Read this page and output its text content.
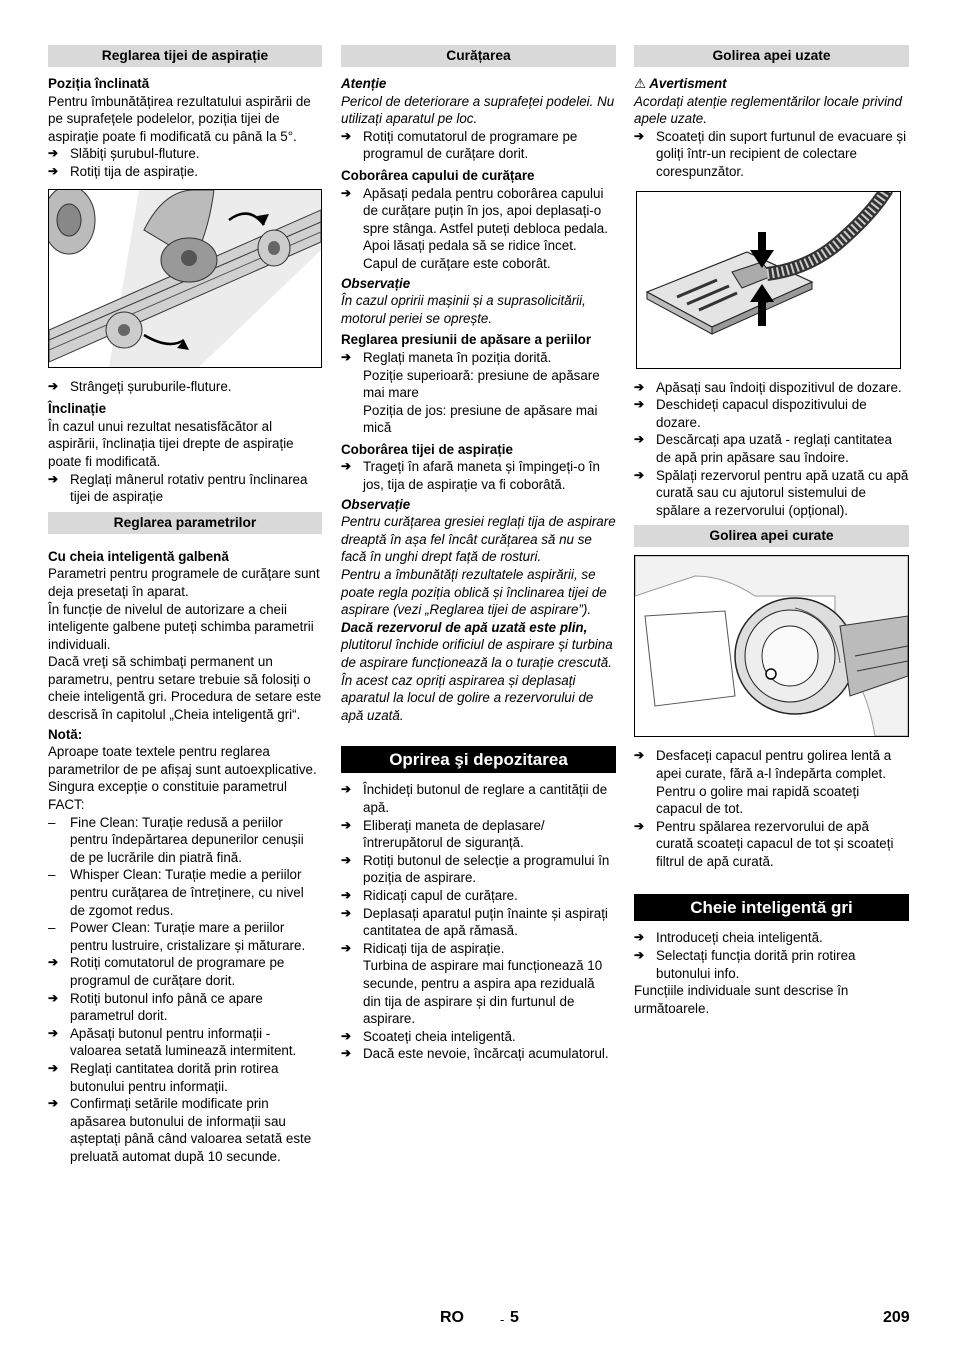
Reglarea tijei de aspirație

Poziția înclinată

Pentru îmbunătățirea rezultatului aspirării de pe suprafețele podelelor, poziția tijei de aspirație poate fi modificată cu până la 5°.

➔ Slăbiți șurubul-fluture.

➔ Rotiți tija de aspirație.

➔ Strângeți șuruburile-fluture.

Înclinație

În cazul unui rezultat nesatisfăcător al aspirării, înclinația tijei drepte de aspirație poate fi modificată.

➔ Reglați mânerul rotativ pentru înclinarea tijei de aspirație

Reglarea parametrilor

Cu cheia inteligentă galbenă

Parametri pentru programele de curățare sunt deja presetați în aparat.

În funcție de nivelul de autorizare a cheii inteligente galbene puteți schimba parametrii individuali.

Dacă vreți să schimbați permanent un parametru, pentru setare trebuie să folosiți o cheie inteligentă gri. Procedura de setare este descrisă în capitolul „Cheia inteligentă gri“.

Notă:

Aproape toate textele pentru reglarea parametrilor de pe afișaj sunt autoexplicative. Singura excepție o constituie parametrul FACT:

– Fine Clean: Turație redusă a periilor pentru îndepărtarea depunerilor cenușii de pe lucrările din piatră fină.

– Whisper Clean: Turație medie a periilor pentru curățarea de întreținere, cu nivel de zgomot redus.

– Power Clean: Turație mare a periilor pentru lustruire, cristalizare și măturare.

➔ Rotiți comutatorul de programare pe programul de curățare dorit.

➔ Rotiți butonul info până ce apare parametrul dorit.

➔ Apăsați butonul pentru informații - valoarea setată luminează intermitent.

➔ Reglați cantitatea dorită prin rotirea butonului pentru informații.

➔ Confirmați setările modificate prin apăsarea butonului de informații sau așteptați până când valoarea setată este preluată automat după 10 secunde.

Curățarea

Atenție

Pericol de deteriorare a suprafeței podelei. Nu utilizați aparatul pe loc.

➔ Rotiți comutatorul de programare pe programul de curățare dorit.

Coborârea capului de curățare

➔ Apăsați pedala pentru coborârea capului de curățare puțin în jos, apoi deplasați-o spre stânga. Astfel puteți debloca pedala. Apoi lăsați pedala să se ridice încet.

Capul de curățare este coborât.

Observație

În cazul opririi mașinii și a suprasolicitării, motorul periei se oprește.

Reglarea presiunii de apăsare a periilor

➔ Reglați maneta în poziția dorită.

Poziție superioară: presiune de apăsare mai mare

Poziția de jos: presiune de apăsare mai mică

Coborârea tijei de aspirație

➔ Trageți în afară maneta și împingeți-o în jos, tija de aspirație va fi coborâtă.

Observație

Pentru curățarea gresiei reglați tija de aspirare dreaptă în așa fel încât curățarea să nu se facă în unghi drept față de rosturi.

Pentru a îmbunătăți rezultatele aspirării, se poate regla poziția oblică și înclinarea tijei de aspirare (vezi „Reglarea tijei de aspirare”).

Dacă rezervorul de apă uzată este plin, plutitorul închide orificiul de aspirare și turbina de aspirare funcționează la o turație crescută. În acest caz opriți aspirarea și deplasați aparatul la locul de golire a rezervorului de apă uzată.

Oprirea şi depozitarea

➔ Închideți butonul de reglare a cantității de apă.

➔ Eliberați maneta de deplasare/întrerupătorul de siguranță.

➔ Rotiți butonul de selecție a programului în poziția de aspirare.

➔ Ridicați capul de curățare.

➔ Deplasați aparatul puțin înainte și aspirați cantitatea de apă rămasă.

➔ Ridicați tija de aspirație.

Turbina de aspirare mai funcționează 10 secunde, pentru a aspira apa reziduală din tija de aspirare și din furtunul de aspirare.

➔ Scoateți cheia inteligentă.

➔ Dacă este nevoie, încărcați acumulatorul.

Golirea apei uzate

⚠ Avertisment

Acordați atenție reglementărilor locale privind apele uzate.

➔ Scoateți din suport furtunul de evacuare și goliți într-un recipient de colectare corespunzător.

➔ Apăsați sau îndoiți dispozitivul de dozare.

➔ Deschideți capacul dispozitivului de dozare.

➔ Descărcați apa uzată - reglați cantitatea de apă prin apăsare sau îndoire.

➔ Spălați rezervorul pentru apă uzată cu apă curată sau cu ajutorul sistemului de spălare a rezervorului (opțional).

Golirea apei curate

➔ Desfaceți capacul pentru golirea lentă a apei curate, fără a-l îndepărta complet.

Pentru o golire mai rapidă scoateți capacul de tot.

➔ Pentru spălarea rezervorului de apă curată scoateți capacul de tot și scoateți filtrul de apă curată.

Cheie inteligentă gri

➔ Introduceți cheia inteligentă.

➔ Selectați funcția dorită prin rotirea butonului info.

Funcțiile individuale sunt descrise în următoarele.

RO	- 5	209
